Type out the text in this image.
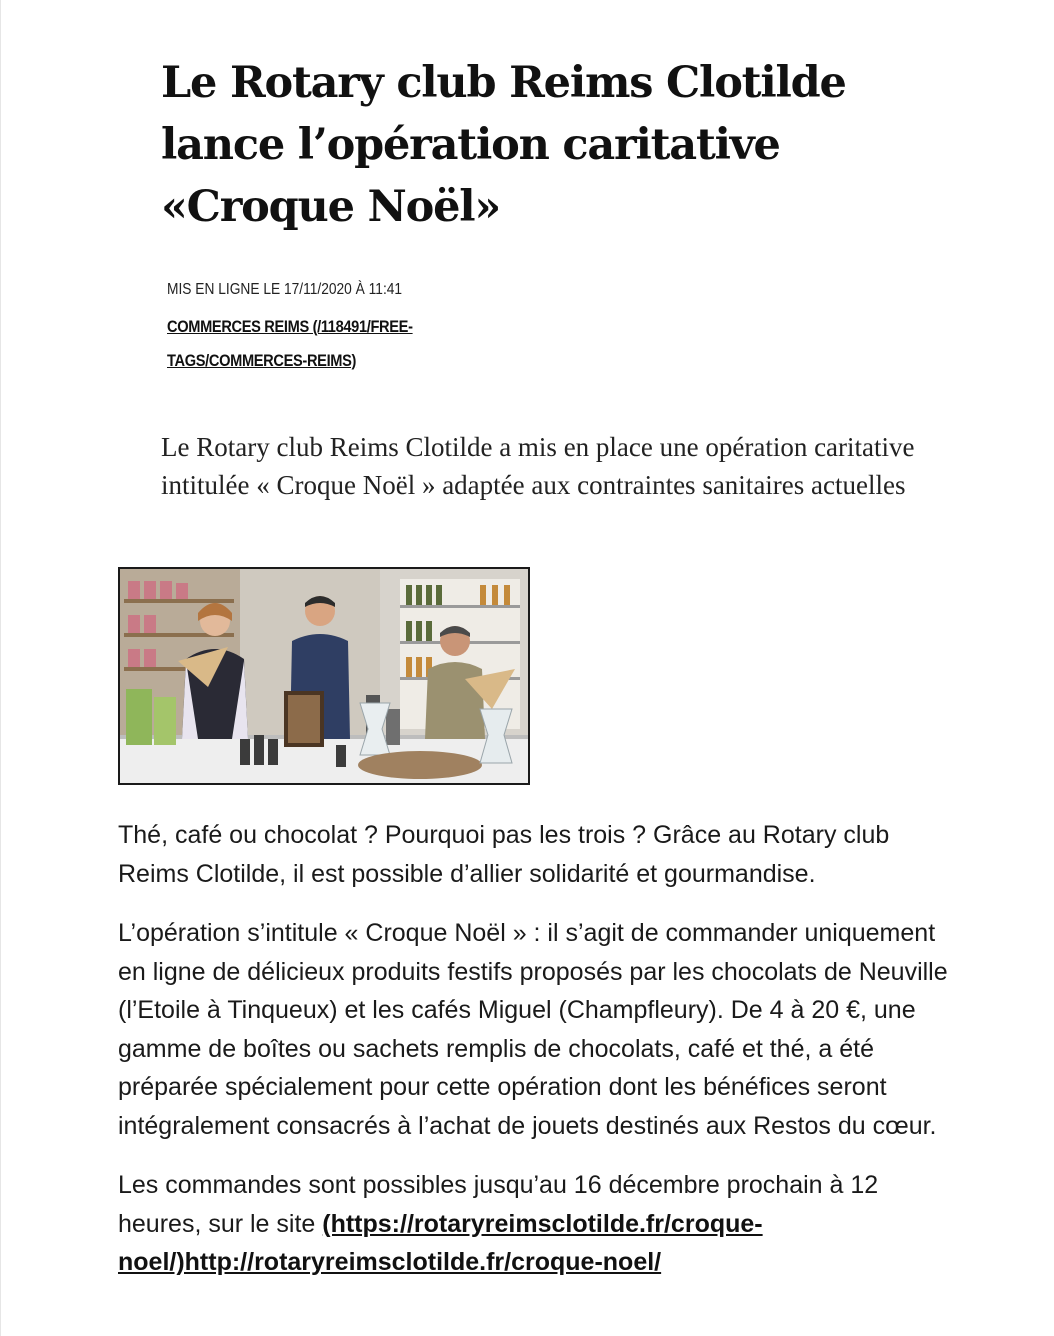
Le Rotary club Reims Clotilde lance l’opération caritative «Croque Noël»
MIS EN LIGNE LE 17/11/2020 À 11:41
COMMERCES REIMS (/118491/FREE-
TAGS/COMMERCES-REIMS)

Le Rotary club Reims Clotilde a mis en place une opération caritative intitulée « Croque Noël » adaptée aux contraintes sanitaires actuelles

Thé, café ou chocolat ? Pourquoi pas les trois ? Grâce au Rotary club Reims Clotilde, il est possible d’allier solidarité et gourmandise.

L’opération s’intitule « Croque Noël » : il s’agit de commander uniquement en ligne de délicieux produits festifs proposés par les chocolats de Neuville (l’Etoile à Tinqueux) et les cafés Miguel (Champfleury). De 4 à 20 €, une gamme de boîtes ou sachets remplis de chocolats, café et thé, a été préparée spécialement pour cette opération dont les bénéfices seront intégralement consacrés à l’achat de jouets destinés aux Restos du cœur.

Les commandes sont possibles jusqu’au 16 décembre prochain à 12 heures, sur le site (https://rotaryreimsclotilde.fr/croque-noel/)http://rotaryreimsclotilde.fr/croque-noel/
